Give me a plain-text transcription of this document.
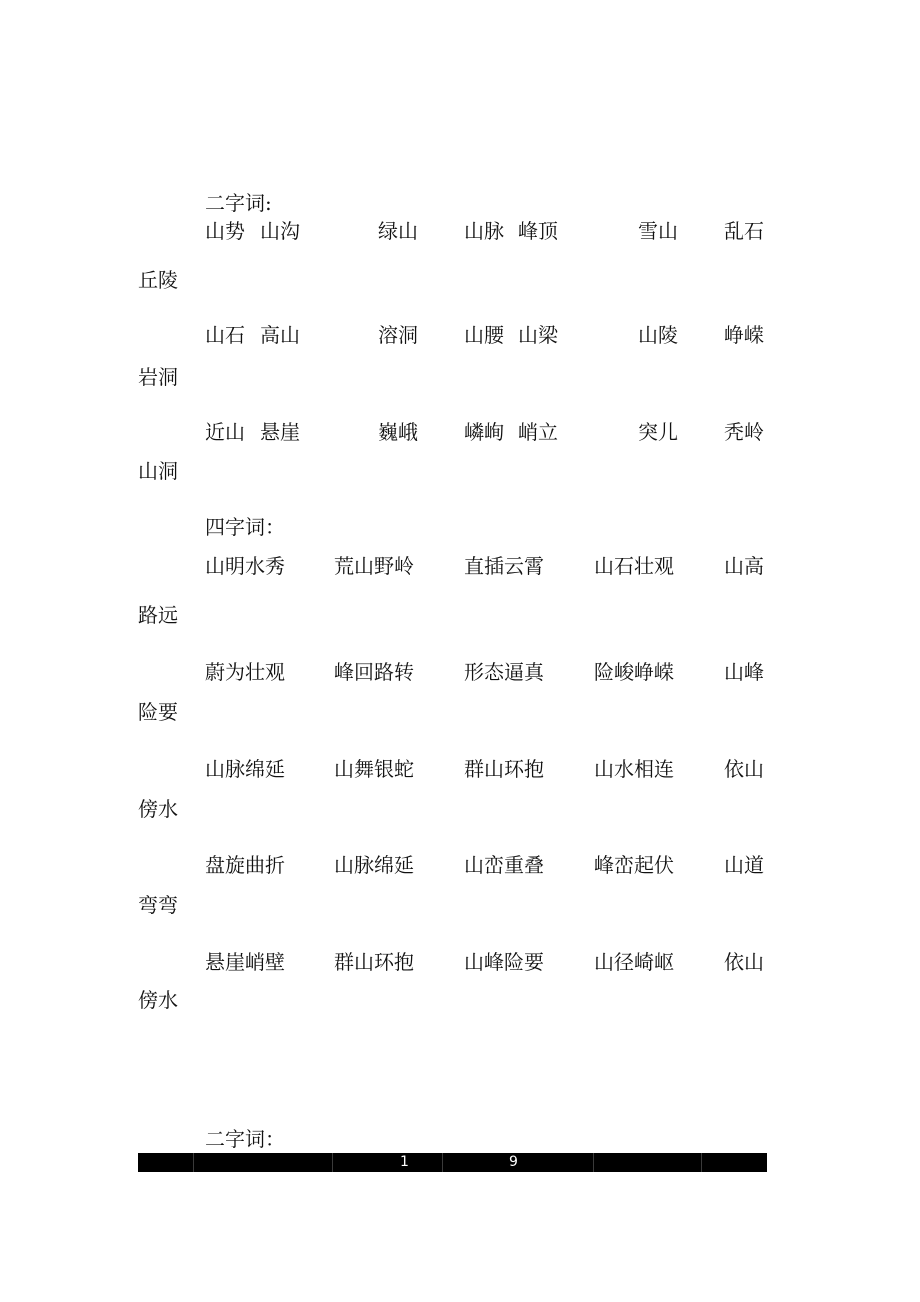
二字词:
山势 山沟	绿山 山脉 峰顶	雪山 乱石
丘陵
山石 高山	溶洞 山腰 山梁	山陵 峥嵘
岩洞
近山 悬崖	巍峨 嶙峋 峭立	突儿 秃岭
山洞
四字词：
山明水秀 荒山野岭	直插云霄	山石壮观	山高
路远
蔚为壮观 峰回路转	形态逼真	险峻峥嵘	山峰
险要
山脉绵延 山舞银蛇	群山环抱	山水相连	依山
傍水
盘旋曲折 山脉绵延	山峦重叠	峰峦起伏	山道
弯弯
悬崖峭壁 群山环抱	山峰险要	山径崎岖	依山
傍水
二字词：
1	9
